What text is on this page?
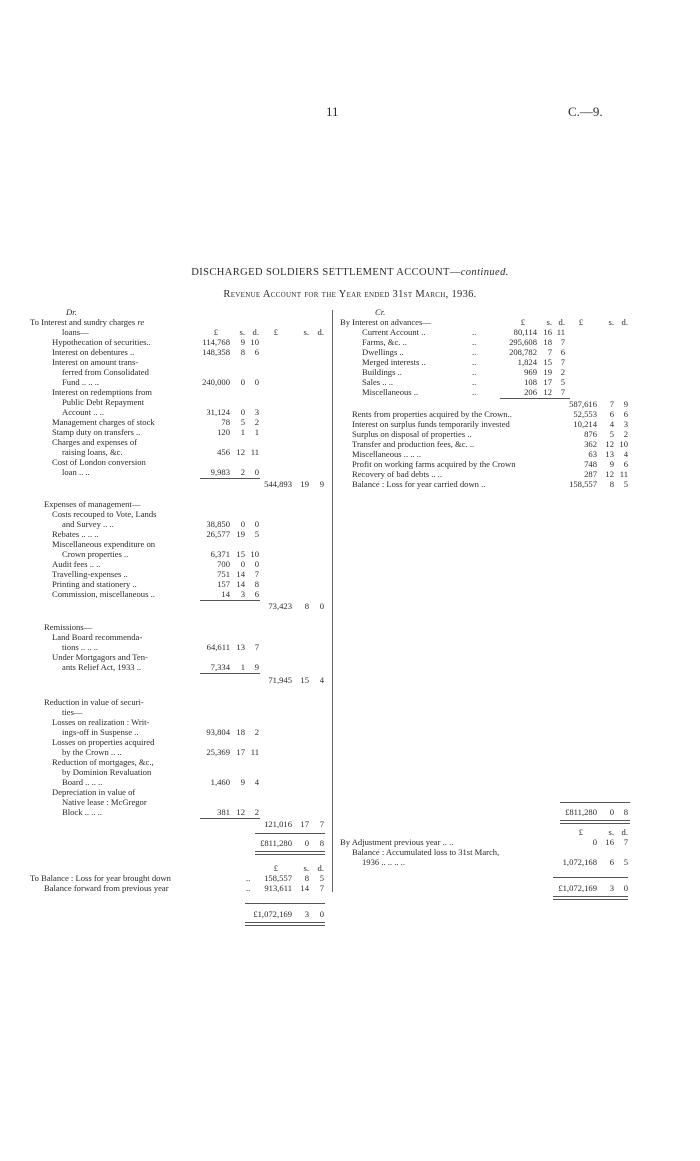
11	C.—9.
DISCHARGED SOLDIERS SETTLEMENT ACCOUNT—continued.
Revenue Account for the Year ended 31st March, 1936.
Dr.
To Interest and sundry charges re
loans—	£	s. d.	£	s. d.
Hypothecation of securities..	114,768	9 10
Interest on debentures ..	148,358	8	6
Interest on amount trans-
ferred from Consolidated
Fund .. .. ..	240,000	0	0
Interest on redemptions from
Public Debt Repayment
Account .. ..	31,124	0	3
Management charges of stock	78	5	2
Stamp duty on transfers ..	120	1	1
Charges and expenses of
raising loans, &c.	456 12 11
Cost of London conversion
loan .. ..	9,983	2	0
544,893 19	9
Expenses of management—
Costs recouped to Vote, Lands
and Survey .. ..	38,850	0	0
Rebates .. .. ..	26,577 19	5
Miscellaneous expenditure on
Crown properties ..	6,371 15 10
Audit fees .. ..	700	0	0
Travelling-expenses ..	751 14	7
Printing and stationery ..	157 14	8
Commission, miscellaneous ..	14	3	6
73,423	8	0
Remissions—
Land Board recommenda-
tions .. .. ..	64,611 13	7
Under Mortgagors and Ten-
ants Relief Act, 1933 ..	7,334	1	9
71,945 15	4
Reduction in value of securi-
ties—
Losses on realization : Writ-
ings-off in Suspense ..	93,804 18	2
Losses on properties acquired
by the Crown .. ..	25,369 17 11
Reduction of mortgages, &c.,
by Dominion Revaluation
Board .. .. ..	1,460	9	4
Depreciation in value of
Native lease : McGregor
Block .. .. ..	381 12	2
121,016 17	7
£811,280	0	8
£	s. d.
To Balance : Loss for year brought down	..	158,557	8	5
Balance forward from previous year	..	913,611 14	7
£1,072,169	3	0
Cr.
By Interest on advances—	£	s. d.	£	s. d.
Current Account ..	..	80,114 16 11
Farms, &c. ..	..	295,608 18	7
Dwellings ..	..	208,782	7	6
Merged interests ..	..	1,824 15	7
Buildings ..	..	969 19	2
Sales .. ..	..	108 17	5
Miscellaneous ..	..	206 12	7
587,616	7	9
Rents from properties acquired by the Crown..	52,553	6	6
Interest on surplus funds temporarily invested	10,214	4	3
Surplus on disposal of properties ..	876	5	2
Transfer and production fees, &c. ..	362 12 10
Miscellaneous .. .. ..	63 13	4
Profit on working farms acquired by the Crown	748	9	6
Recovery of bad debts .. ..	287 12 11
Balance : Loss for year carried down ..	158,557	8	5
£811,280	0	8
£	s. d.
By Adjustment previous year .. ..	0 16	7
Balance : Accumulated loss to 31st March,
1936 .. .. .. ..	1,072,168	6	5
£1,072,169	3	0
